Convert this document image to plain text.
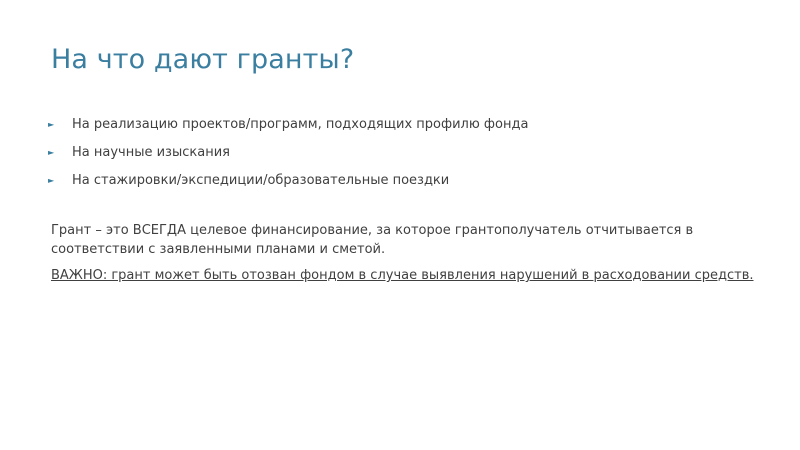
На что дают гранты?
►	На реализацию проектов/программ, подходящих профилю фонда
►	На научные изыскания
►	На стажировки/экспедиции/образовательные поездки

Грант – это ВСЕГДА целевое финансирование, за которое грантополучатель отчитывается в соответствии с заявленными планами и сметой.

ВАЖНО: грант может быть отозван фондом в случае выявления нарушений в расходовании средств.
